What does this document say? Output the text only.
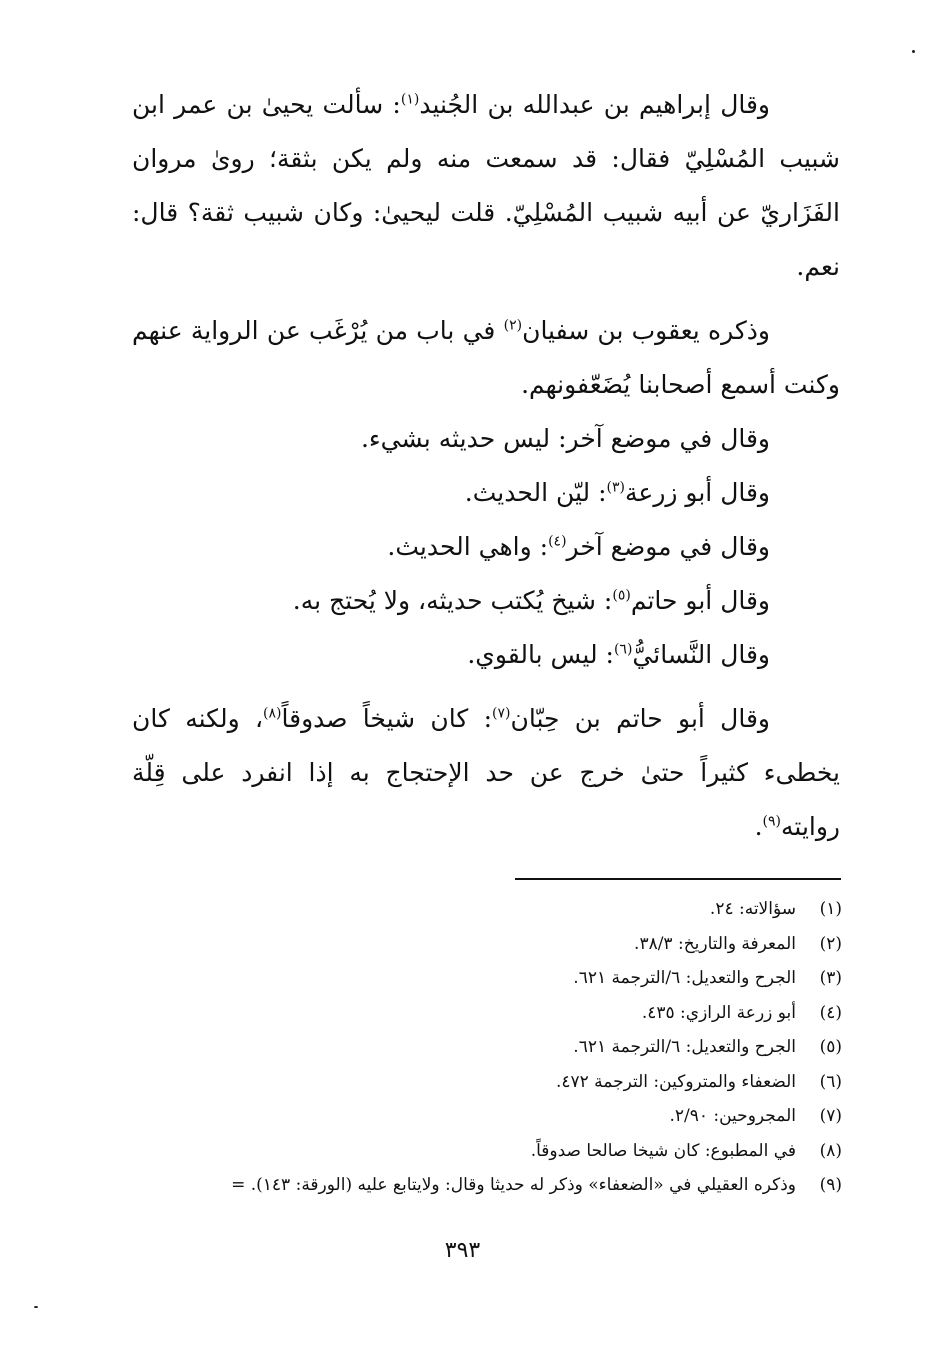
وقال إبراهيم بن عبدالله بن الجُنيد$^{(١)}$: سألت يحيىٰ بن عمر ابن شبيب المُسْلِيّ فقال: قد سمعت منه ولم يكن بثقة؛ روىٰ مروان الفَزَاريّ عن أبيه شبيب المُسْلِيّ. قلت ليحيىٰ: وكان شبيب ثقة؟ قال: نعم.

وذكره يعقوب بن سفيان$^{(٢)}$ في باب من يُرْغَب عن الرواية عنهم وكنت أسمع أصحابنا يُضَعّفونهم.

وقال في موضع آخر: ليس حديثه بشيء.

وقال أبو زرعة$^{(٣)}$: ليّن الحديث.

وقال في موضع آخر$^{(٤)}$: واهي الحديث.

وقال أبو حاتم$^{(٥)}$: شيخ يُكتب حديثه، ولا يُحتج به.

وقال النَّسائيُّ$^{(٦)}$: ليس بالقوي.

وقال أبو حاتم بن حِبّان$^{(٧)}$: كان شيخاً صدوقاً$^{(٨)}$، ولكنه كان يخطىء كثيراً حتىٰ خرج عن حد الإحتجاج به إذا انفرد على قِلّة روايته$^{(٩)}$.

(١)
سؤالاته: ٢٤.
(٢)
المعرفة والتاريخ: ٣٨/٣.
(٣)
الجرح والتعديل: ٦/الترجمة ٦٢١.
(٤)
أبو زرعة الرازي: ٤٣٥.
(٥)
الجرح والتعديل: ٦/الترجمة ٦٢١.
(٦)
الضعفاء والمتروكين: الترجمة ٤٧٢.
(٧)
المجروحين: ٢/٩٠.
(٨)
في المطبوع: كان شيخا صالحا صدوقاً.
(٩)
وذكره العقيلي في «الضعفاء» وذكر له حديثا وقال: ولايتابع عليه (الورقة: ١٤٣). =
٣٩٣
